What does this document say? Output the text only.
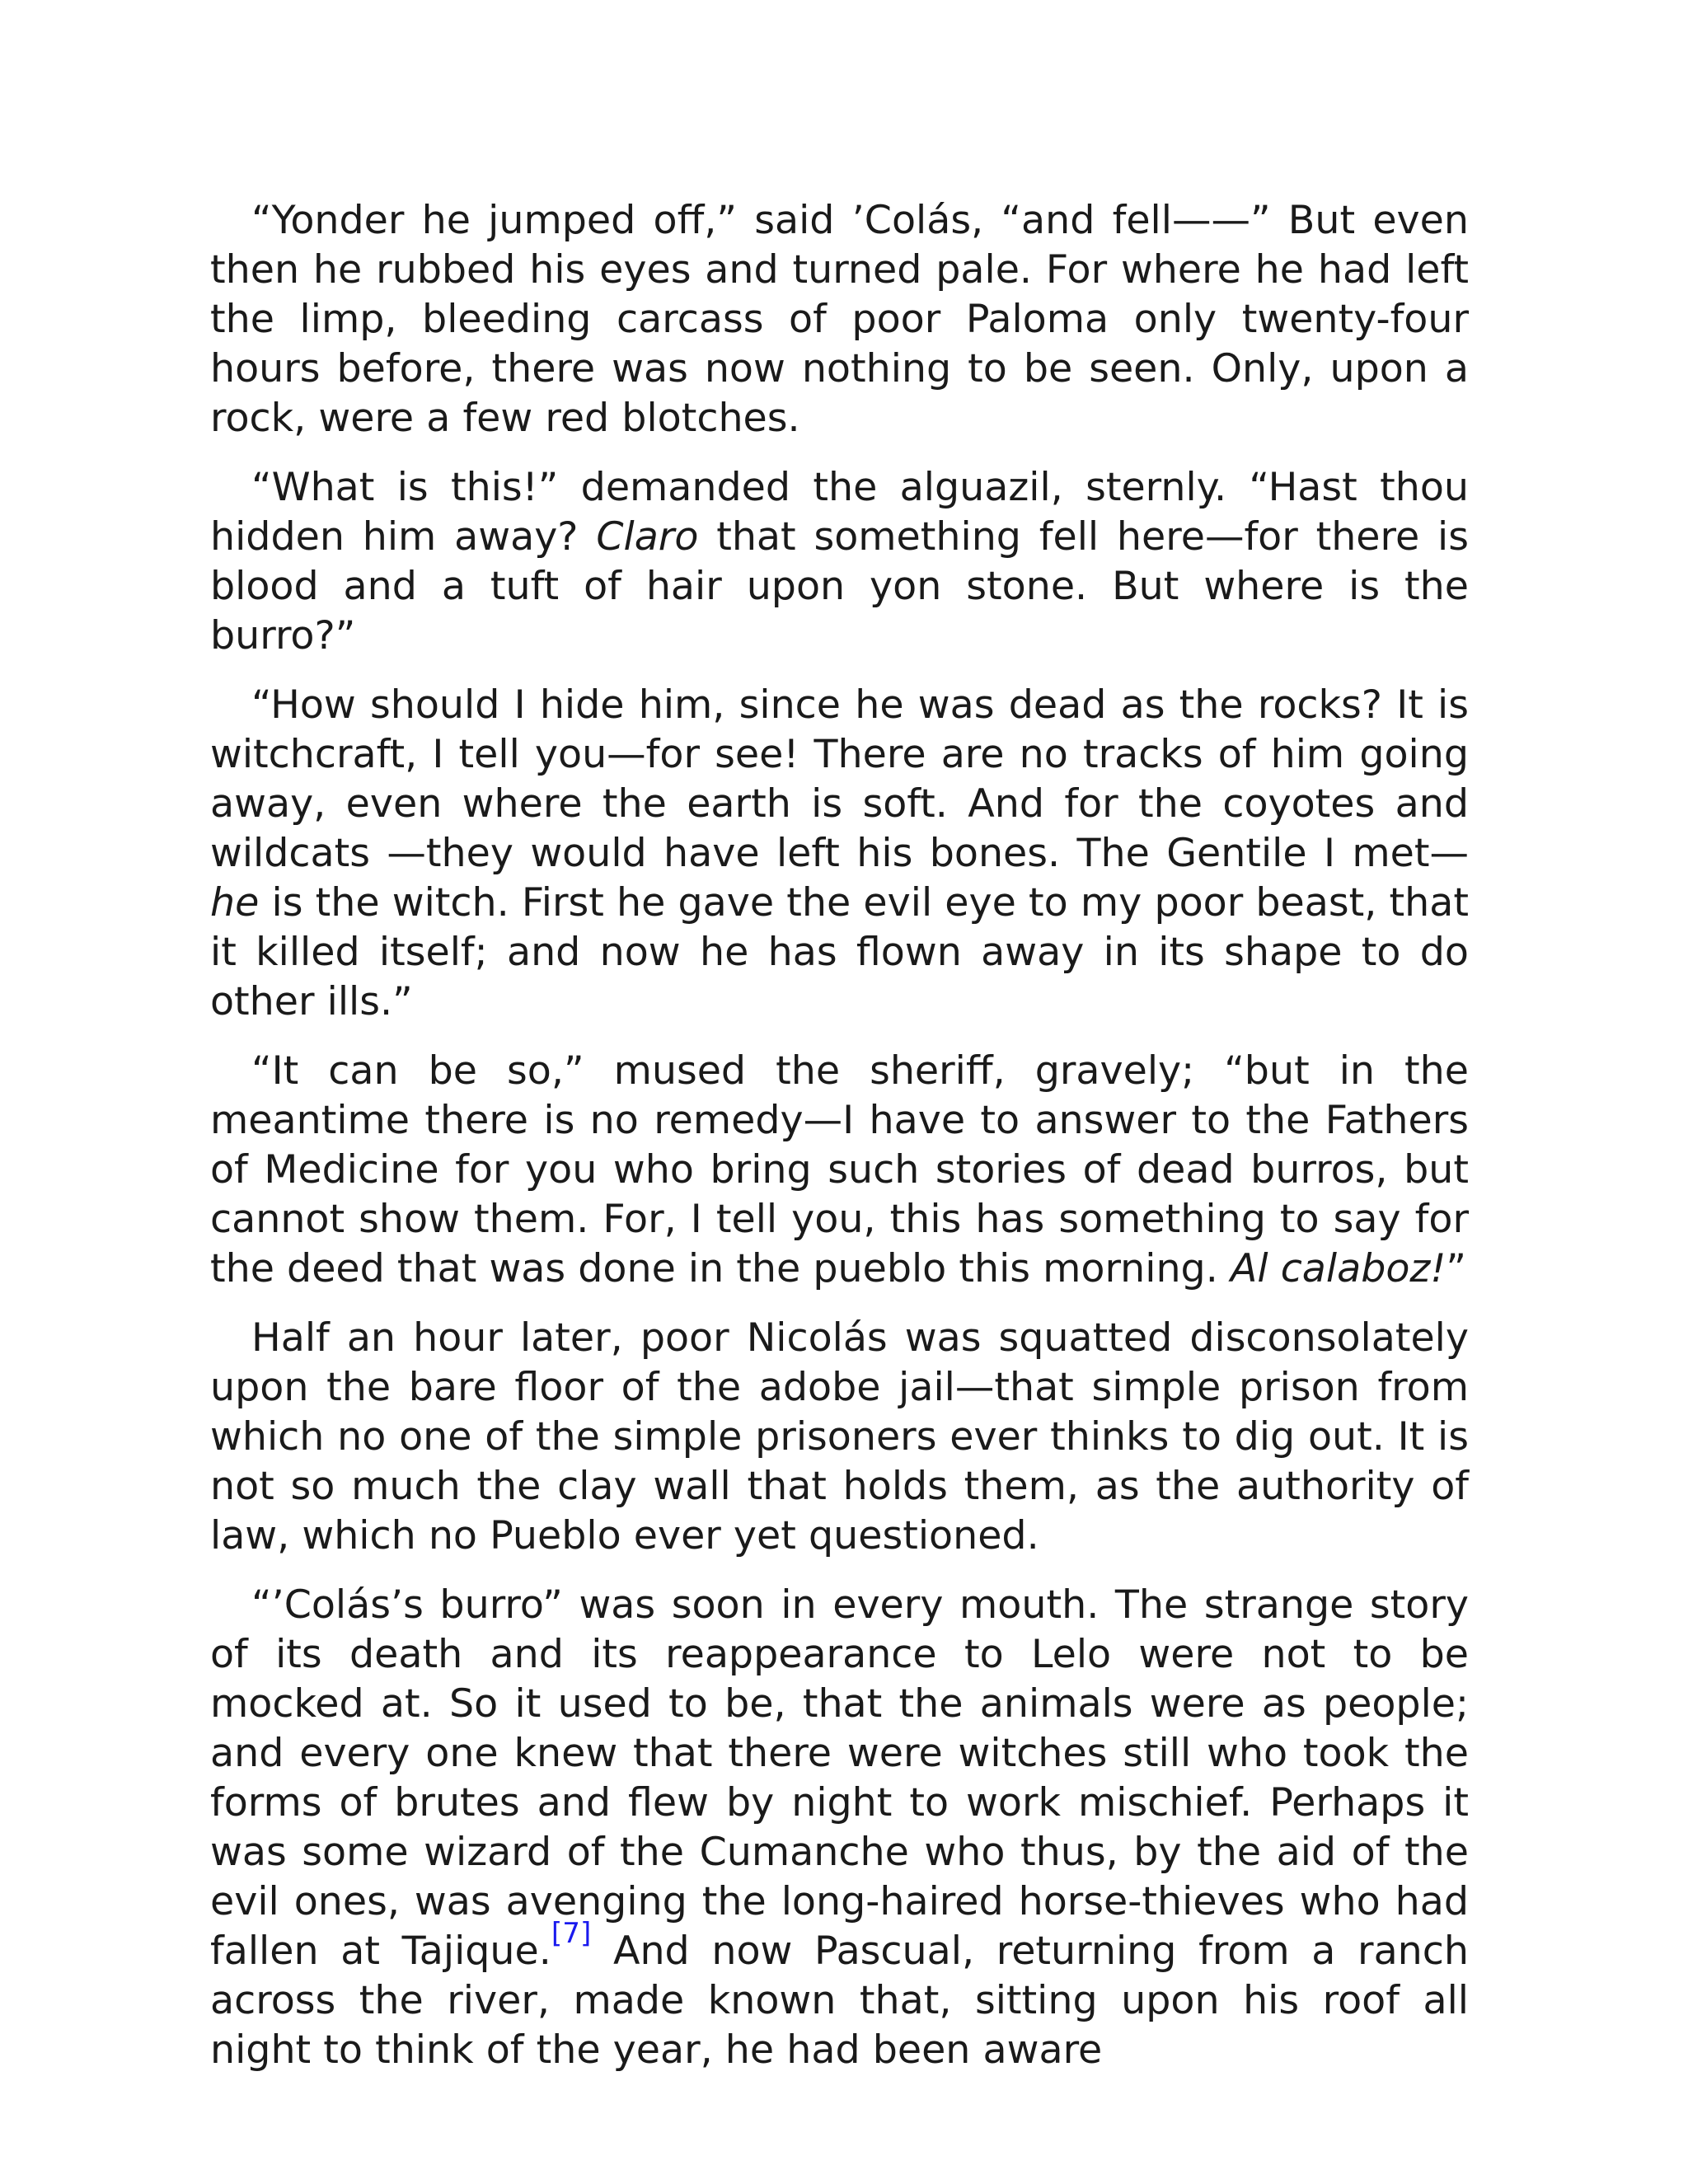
“Yonder he jumped off,” said ’Colás, “and fell——” But even then he rubbed his eyes and turned pale. For where he had left the limp, bleeding carcass of poor Paloma only twenty-four hours before, there was now nothing to be seen. Only, upon a rock, were a few red blotches.

“What is this!” demanded the alguazil, sternly. “Hast thou hidden him away? Claro that something fell here—for there is blood and a tuft of hair upon yon stone. But where is the burro?”

“How should I hide him, since he was dead as the rocks? It is witchcraft, I tell you—for see! There are no tracks of him going away, even where the earth is soft. And for the coyotes and wildcats —they would have left his bones. The Gentile I met—he is the witch. First he gave the evil eye to my poor beast, that it killed itself; and now he has flown away in its shape to do other ills.”

“It can be so,” mused the sheriff, gravely; “but in the meantime there is no remedy—I have to answer to the Fathers of Medicine for you who bring such stories of dead burros, but cannot show them. For, I tell you, this has something to say for the deed that was done in the pueblo this morning. Al calaboz!”

Half an hour later, poor Nicolás was squatted disconsolately upon the bare floor of the adobe jail—that simple prison from which no one of the simple prisoners ever thinks to dig out. It is not so much the clay wall that holds them, as the authority of law, which no Pueblo ever yet questioned.

“’Colás’s burro” was soon in every mouth. The strange story of its death and its reappearance to Lelo were not to be mocked at. So it used to be, that the animals were as people; and every one knew that there were witches still who took the forms of brutes and flew by night to work mischief. Perhaps it was some wizard of the Cumanche who thus, by the aid of the evil ones, was avenging the long-haired horse-thieves who had fallen at Tajique.[7] And now Pascual, returning from a ranch across the river, made known that, sitting upon his roof all night to think of the year, he had been aware
